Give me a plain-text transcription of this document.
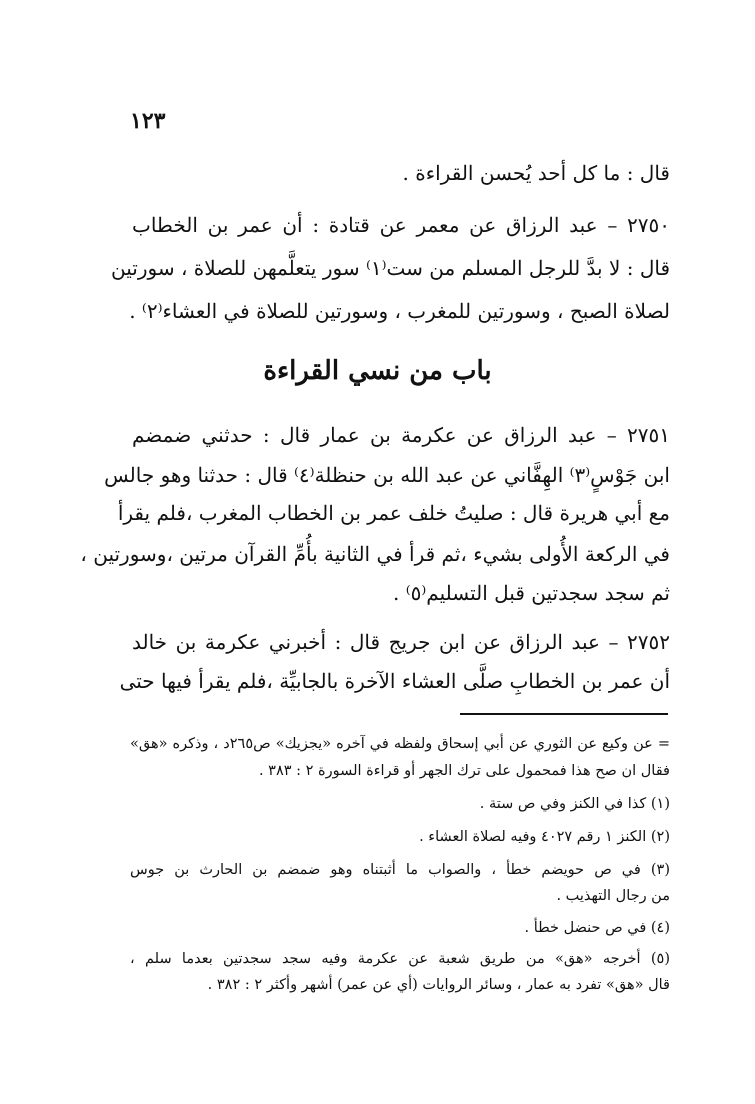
١٢٣
قال : ما كل أحد يُحسن القراءة .
٢٧٥٠ – عبد الرزاق عن معمر عن قتادة : أن عمر بن الخطاب
قال : لا بدَّ للرجل المسلم من ست⁽١⁾ سور يتعلَّمهن للصلاة ، سورتين
لصلاة الصبح ، وسورتين للمغرب ، وسورتين للصلاة في العشاء⁽٢⁾ .
باب من نسي القراءة
٢٧٥١ – عبد الرزاق عن عكرمة بن عمار قال : حدثني ضمضم
ابن جَوْسٍ⁽٣⁾ الهِفَّاني عن عبد الله بن حنظلة⁽٤⁾ قال : حدثنا وهو جالس
مع أبي هريرة قال : صليتُ خلف عمر بن الخطاب المغرب ،فلم يقرأ
في الركعة الأُولى بشيء ،ثم قرأ في الثانية بأُمِّ القرآن مرتين ،وسورتين ،
ثم سجد سجدتين قبل التسليم⁽٥⁾ .
٢٧٥٢ – عبد الرزاق عن ابن جريج قال : أخبرني عكرمة بن خالد
أن عمر بن الخطابِ صلَّى العشاء الآخرة بالجابيِّة ،فلم يقرأ فيها حتى
= عن وكيع عن الثوري عن أبي إسحاق ولفظه في آخره «يجزيك» ص٢٦٥د ، وذكره «هق»
فقال ان صح هذا فمحمول على ترك الجهر أو قراءة السورة ٢ : ٣٨٣ .
(١) كذا في الكنز وفي ص ستة .
(٢) الكنز ١ رقم ٤٠٢٧ وفيه لصلاة العشاء .
(٣) في ص حويضم خطأ ، والصواب ما أثبتناه وهو ضمضم بن الحارث بن جوس
من رجال التهذيب .
(٤) في ص حنضل خطأ .
(٥) أخرجه «هق» من طريق شعبة عن عكرمة وفيه سجد سجدتين بعدما سلم ،
قال «هق» تفرد به عمار ، وسائر الروايات (أي عن عمر) أشهر وأكثر ٢ : ٣٨٢ .
